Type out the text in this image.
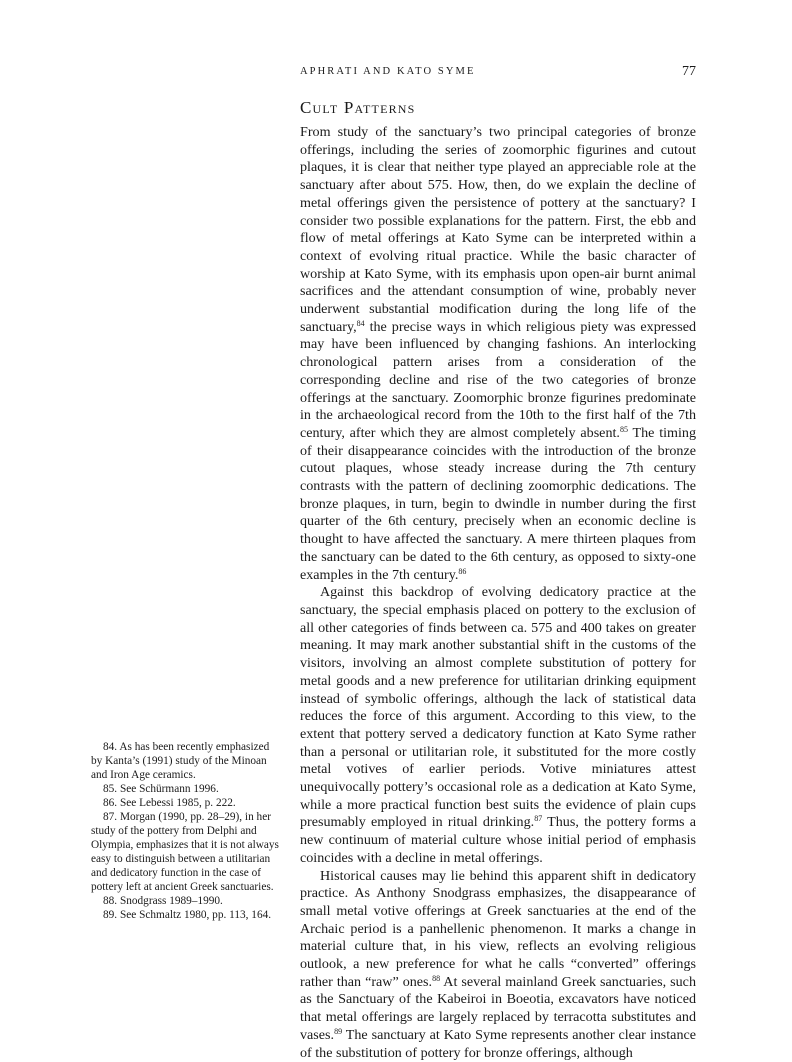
APHRATI AND KATO SYME	77
Cult Patterns

From study of the sanctuary’s two principal categories of bronze offerings, including the series of zoomorphic figurines and cutout plaques, it is clear that neither type played an appreciable role at the sanctuary after about 575. How, then, do we explain the decline of metal offerings given the persistence of pottery at the sanctuary? I consider two possible explanations for the pattern. First, the ebb and flow of metal offerings at Kato Syme can be interpreted within a context of evolving ritual practice. While the basic character of worship at Kato Syme, with its emphasis upon open-air burnt animal sacrifices and the attendant consumption of wine, probably never underwent substantial modification during the long life of the sanctuary,$^{84}$ the precise ways in which religious piety was expressed may have been influenced by changing fashions. An interlocking chronological pattern arises from a consideration of the corresponding decline and rise of the two categories of bronze offerings at the sanctuary. Zoomorphic bronze figurines predominate in the archaeological record from the 10th to the first half of the 7th century, after which they are almost completely absent.$^{85}$ The timing of their disappearance coincides with the introduction of the bronze cutout plaques, whose steady increase during the 7th century contrasts with the pattern of declining zoomorphic dedications. The bronze plaques, in turn, begin to dwindle in number during the first quarter of the 6th century, precisely when an economic decline is thought to have affected the sanctuary. A mere thirteen plaques from the sanctuary can be dated to the 6th century, as opposed to sixty-one examples in the 7th century.$^{86}$

Against this backdrop of evolving dedicatory practice at the sanctuary, the special emphasis placed on pottery to the exclusion of all other categories of finds between ca. 575 and 400 takes on greater meaning. It may mark another substantial shift in the customs of the visitors, involving an almost complete substitution of pottery for metal goods and a new preference for utilitarian drinking equipment instead of symbolic offerings, although the lack of statistical data reduces the force of this argument. According to this view, to the extent that pottery served a dedicatory function at Kato Syme rather than a personal or utilitarian role, it substituted for the more costly metal votives of earlier periods. Votive miniatures attest unequivocally pottery’s occasional role as a dedication at Kato Syme, while a more practical function best suits the evidence of plain cups presumably employed in ritual drinking.$^{87}$ Thus, the pottery forms a new continuum of material culture whose initial period of emphasis coincides with a decline in metal offerings.

Historical causes may lie behind this apparent shift in dedicatory practice. As Anthony Snodgrass emphasizes, the disappearance of small metal votive offerings at Greek sanctuaries at the end of the Archaic period is a panhellenic phenomenon. It marks a change in material culture that, in his view, reflects an evolving religious outlook, a new preference for what he calls “converted” offerings rather than “raw” ones.$^{88}$ At several mainland Greek sanctuaries, such as the Sanctuary of the Kabeiroi in Boeotia, excavators have noticed that metal offerings are largely replaced by terracotta substitutes and vases.$^{89}$ The sanctuary at Kato Syme represents another clear instance of the substitution of pottery for bronze offerings, although

84. As has been recently emphasized by Kanta’s (1991) study of the Minoan and Iron Age ceramics.

85. See Schürmann 1996.

86. See Lebessi 1985, p. 222.

87. Morgan (1990, pp. 28–29), in her study of the pottery from Delphi and Olympia, emphasizes that it is not always easy to distinguish between a utilitarian and dedicatory function in the case of pottery left at ancient Greek sanctuaries.

88. Snodgrass 1989–1990.

89. See Schmaltz 1980, pp. 113, 164.
